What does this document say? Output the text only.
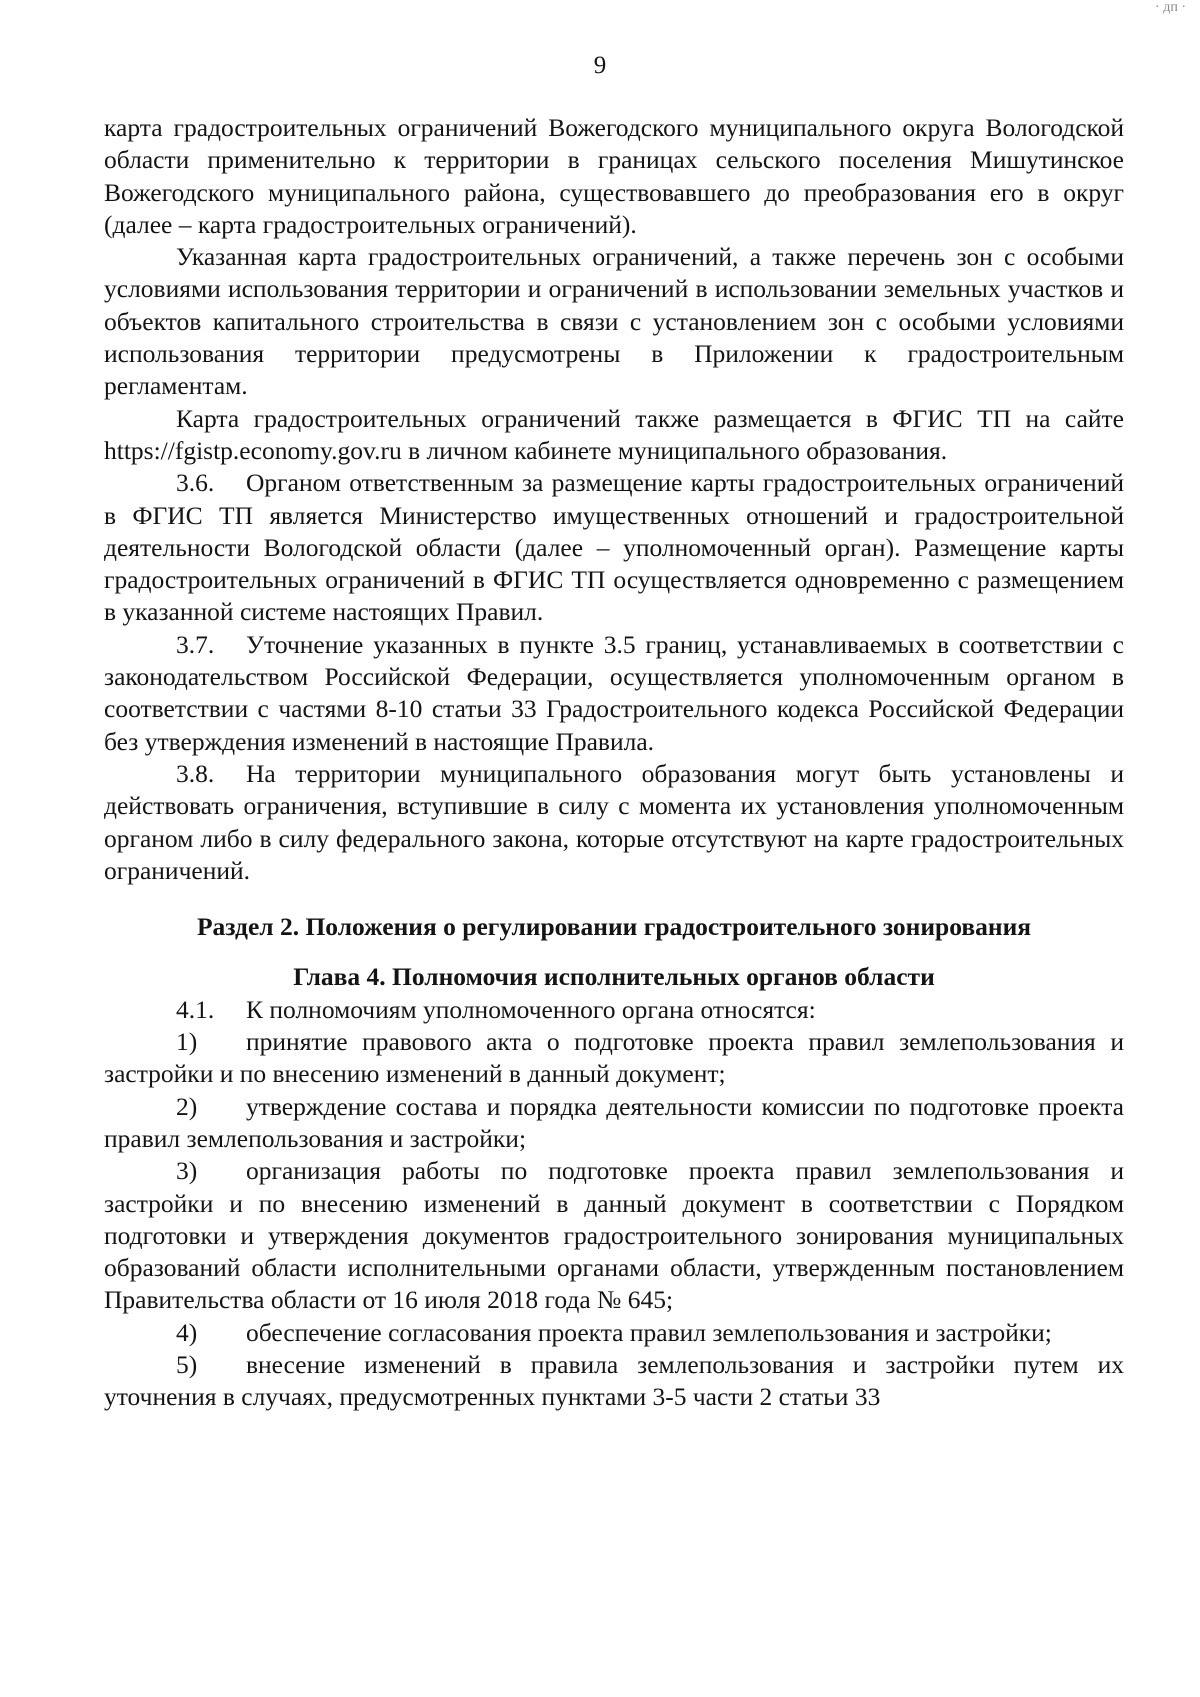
· дп ·
9

карта градостроительных ограничений Вожегодского муниципального округа Вологодской области применительно к территории в границах сельского поселения Мишутинское Вожегодского муниципального района, существовавшего до преобразования его в округ (далее – карта градостроительных ограничений).

Указанная карта градостроительных ограничений, а также перечень зон с особыми условиями использования территории и ограничений в использовании земельных участков и объектов капитального строительства в связи с установлением зон с особыми условиями использования территории предусмотрены в Приложении к градостроительным регламентам.

Карта градостроительных ограничений также размещается в ФГИС ТП на сайте https://fgistp.economy.gov.ru в личном кабинете муниципального образования.

3.6. Органом ответственным за размещение карты градостроительных ограничений в ФГИС ТП является Министерство имущественных отношений и градостроительной деятельности Вологодской области (далее – уполномоченный орган). Размещение карты градостроительных ограничений в ФГИС ТП осуществляется одновременно с размещением в указанной системе настоящих Правил.

3.7. Уточнение указанных в пункте 3.5 границ, устанавливаемых в соответствии с законодательством Российской Федерации, осуществляется уполномоченным органом в соответствии с частями 8-10 статьи 33 Градостроительного кодекса Российской Федерации без утверждения изменений в настоящие Правила.

3.8. На территории муниципального образования могут быть установлены и действовать ограничения, вступившие в силу с момента их установления уполномоченным органом либо в силу федерального закона, которые отсутствуют на карте градостроительных ограничений.

Раздел 2. Положения о регулировании градостроительного зонирования

Глава 4. Полномочия исполнительных органов области

4.1. К полномочиям уполномоченного органа относятся:

1) принятие правового акта о подготовке проекта правил землепользования и застройки и по внесению изменений в данный документ;

2) утверждение состава и порядка деятельности комиссии по подготовке проекта правил землепользования и застройки;

3) организация работы по подготовке проекта правил землепользования и застройки и по внесению изменений в данный документ в соответствии с Порядком подготовки и утверждения документов градостроительного зонирования муниципальных образований области исполнительными органами области, утвержденным постановлением Правительства области от 16 июля 2018 года № 645;

4) обеспечение согласования проекта правил землепользования и застройки;

5) внесение изменений в правила землепользования и застройки путем их уточнения в случаях, предусмотренных пунктами 3-5 части 2 статьи 33
